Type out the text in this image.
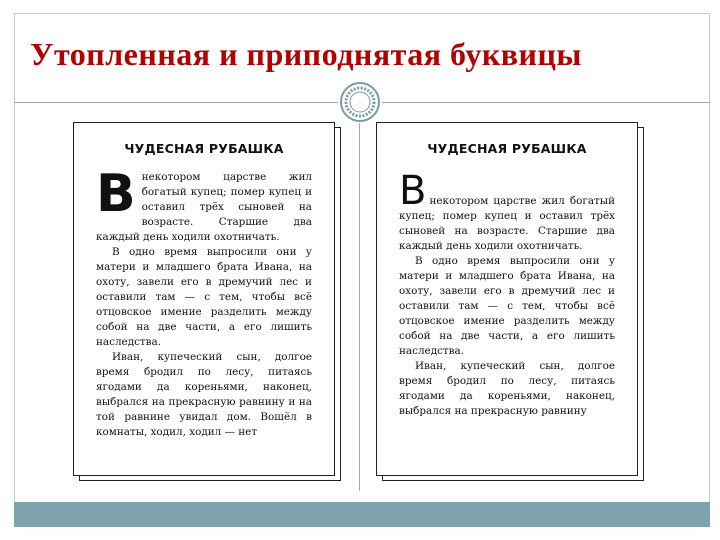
Утопленная и приподнятая буквицы

ЧУДЕСНАЯ РУБАШКА

Внекотором царстве жил богатый купец; помер купец и оставил трёх сыновей на возрасте. Старшие два каждый день ходили охотничать.

В одно время выпросили они у матери и младшего брата Ивана, на охоту, завели его в дремучий лес и оставили там — с тем, чтобы всё отцовское имение разделить между собой на две части, а его лишить наследства.

Иван, купеческий сын, долгое время бродил по лесу, питаясь ягодами да кореньями, наконец, выбрался на прекрасную равнину и на той равнине увидал дом. Вошёл в комнаты, ходил, ходил — нет

ЧУДЕСНАЯ РУБАШКА

Внекотором царстве жил богатый купец; помер купец и оставил трёх сыновей на возрасте. Старшие два каждый день ходили охотничать.

В одно время выпросили они у матери и младшего брата Ивана, на охоту, завели его в дремучий лес и оставили там — с тем, чтобы всё отцовское имение разделить между собой на две части, а его лишить наследства.

Иван, купеческий сын, долгое время бродил по лесу, питаясь ягодами да кореньями, наконец, выбрался на прекрасную равнину
